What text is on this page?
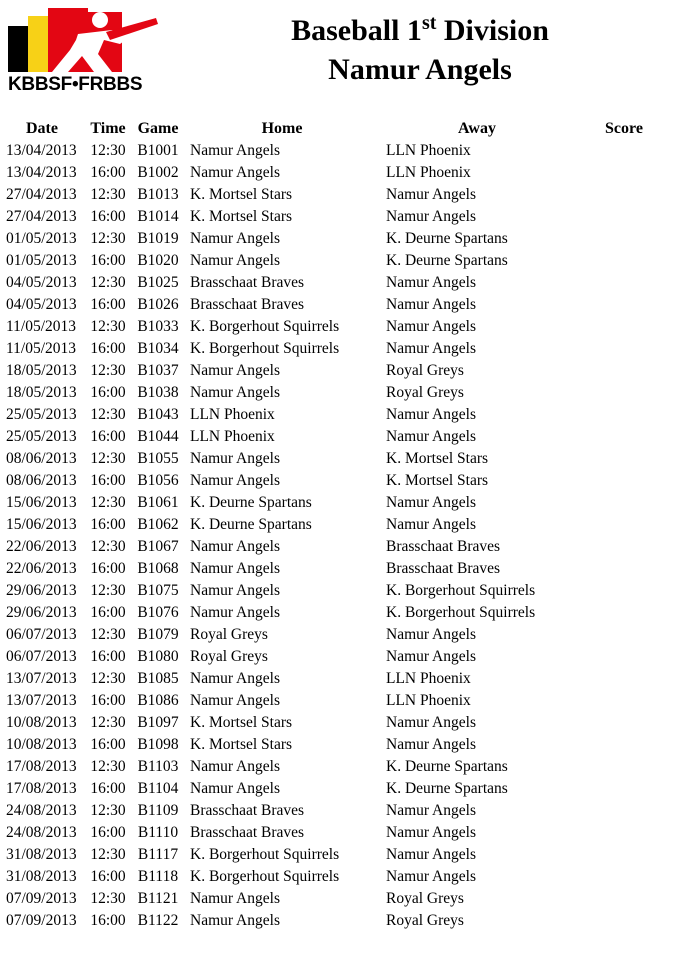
KBBSF•FRBBS
Baseball 1st Division
Namur Angels
Date	Time	Game	Home	Away	Score
13/04/2013	12:30	B1001	Namur Angels	LLN Phoenix	
13/04/2013	16:00	B1002	Namur Angels	LLN Phoenix	
27/04/2013	12:30	B1013	K. Mortsel Stars	Namur Angels	
27/04/2013	16:00	B1014	K. Mortsel Stars	Namur Angels	
01/05/2013	12:30	B1019	Namur Angels	K. Deurne Spartans	
01/05/2013	16:00	B1020	Namur Angels	K. Deurne Spartans	
04/05/2013	12:30	B1025	Brasschaat Braves	Namur Angels	
04/05/2013	16:00	B1026	Brasschaat Braves	Namur Angels	
11/05/2013	12:30	B1033	K. Borgerhout Squirrels	Namur Angels	
11/05/2013	16:00	B1034	K. Borgerhout Squirrels	Namur Angels	
18/05/2013	12:30	B1037	Namur Angels	Royal Greys	
18/05/2013	16:00	B1038	Namur Angels	Royal Greys	
25/05/2013	12:30	B1043	LLN Phoenix	Namur Angels	
25/05/2013	16:00	B1044	LLN Phoenix	Namur Angels	
08/06/2013	12:30	B1055	Namur Angels	K. Mortsel Stars	
08/06/2013	16:00	B1056	Namur Angels	K. Mortsel Stars	
15/06/2013	12:30	B1061	K. Deurne Spartans	Namur Angels	
15/06/2013	16:00	B1062	K. Deurne Spartans	Namur Angels	
22/06/2013	12:30	B1067	Namur Angels	Brasschaat Braves	
22/06/2013	16:00	B1068	Namur Angels	Brasschaat Braves	
29/06/2013	12:30	B1075	Namur Angels	K. Borgerhout Squirrels	
29/06/2013	16:00	B1076	Namur Angels	K. Borgerhout Squirrels	
06/07/2013	12:30	B1079	Royal Greys	Namur Angels	
06/07/2013	16:00	B1080	Royal Greys	Namur Angels	
13/07/2013	12:30	B1085	Namur Angels	LLN Phoenix	
13/07/2013	16:00	B1086	Namur Angels	LLN Phoenix	
10/08/2013	12:30	B1097	K. Mortsel Stars	Namur Angels	
10/08/2013	16:00	B1098	K. Mortsel Stars	Namur Angels	
17/08/2013	12:30	B1103	Namur Angels	K. Deurne Spartans	
17/08/2013	16:00	B1104	Namur Angels	K. Deurne Spartans	
24/08/2013	12:30	B1109	Brasschaat Braves	Namur Angels	
24/08/2013	16:00	B1110	Brasschaat Braves	Namur Angels	
31/08/2013	12:30	B1117	K. Borgerhout Squirrels	Namur Angels	
31/08/2013	16:00	B1118	K. Borgerhout Squirrels	Namur Angels	
07/09/2013	12:30	B1121	Namur Angels	Royal Greys	
07/09/2013	16:00	B1122	Namur Angels	Royal Greys	
